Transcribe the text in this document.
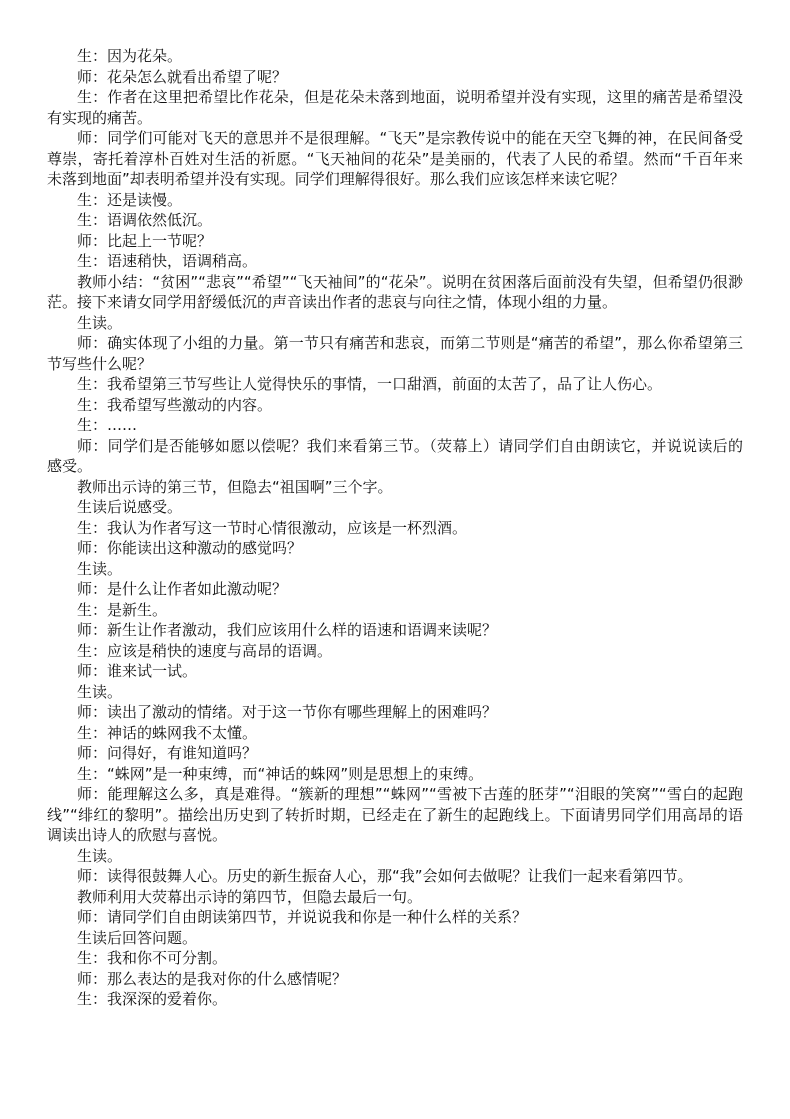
生：因为花朵。

师：花朵怎么就看出希望了呢？

生：作者在这里把希望比作花朵，但是花朵未落到地面，说明希望并没有实现，这里的痛苦是希望没有实现的痛苦。

师：同学们可能对飞天的意思并不是很理解。“飞天”是宗教传说中的能在天空飞舞的神，在民间备受尊崇，寄托着淳朴百姓对生活的祈愿。“飞天袖间的花朵”是美丽的，代表了人民的希望。然而“千百年来未落到地面”却表明希望并没有实现。同学们理解得很好。那么我们应该怎样来读它呢？

生：还是读慢。

生：语调依然低沉。

师：比起上一节呢？

生：语速稍快，语调稍高。

教师小结：“贫困”“悲哀”“希望”“飞天袖间”的“花朵”。说明在贫困落后面前没有失望，但希望仍很渺茫。接下来请女同学用舒缓低沉的声音读出作者的悲哀与向往之情，体现小组的力量。

生读。

师：确实体现了小组的力量。第一节只有痛苦和悲哀，而第二节则是“痛苦的希望”，那么你希望第三节写些什么呢？

生：我希望第三节写些让人觉得快乐的事情，一口甜酒，前面的太苦了，品了让人伤心。

生：我希望写些激动的内容。

生：……

师：同学们是否能够如愿以偿呢？我们来看第三节。（荧幕上）请同学们自由朗读它，并说说读后的感受。

教师出示诗的第三节，但隐去“祖国啊”三个字。

生读后说感受。

生：我认为作者写这一节时心情很激动，应该是一杯烈酒。

师：你能读出这种激动的感觉吗？

生读。

师：是什么让作者如此激动呢？

生：是新生。

师：新生让作者激动，我们应该用什么样的语速和语调来读呢？

生：应该是稍快的速度与高昂的语调。

师：谁来试一试。

生读。

师：读出了激动的情绪。对于这一节你有哪些理解上的困难吗？

生：神话的蛛网我不太懂。

师：问得好，有谁知道吗？

生：“蛛网”是一种束缚，而“神话的蛛网”则是思想上的束缚。

师：能理解这么多，真是难得。“簇新的理想”“蛛网”“雪被下古莲的胚芽”“泪眼的笑窝”“雪白的起跑线”“绯红的黎明”。描绘出历史到了转折时期，已经走在了新生的起跑线上。下面请男同学们用高昂的语调读出诗人的欣慰与喜悦。

生读。

师：读得很鼓舞人心。历史的新生振奋人心，那“我”会如何去做呢？让我们一起来看第四节。

教师利用大荧幕出示诗的第四节，但隐去最后一句。

师：请同学们自由朗读第四节，并说说我和你是一种什么样的关系？

生读后回答问题。

生：我和你不可分割。

师：那么表达的是我对你的什么感情呢？

生：我深深的爱着你。
